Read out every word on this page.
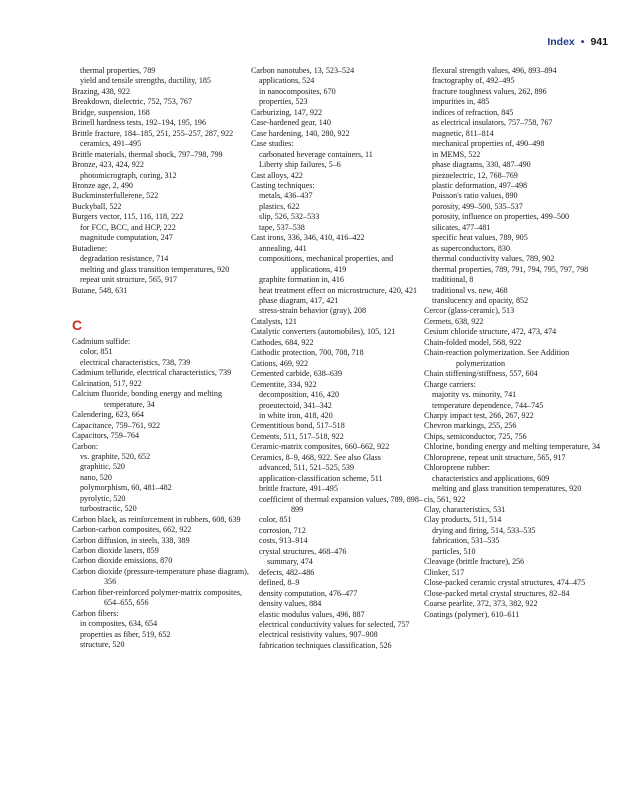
Index • 941
thermal properties, 789
yield and tensile strengths, ductility, 185
Brazing, 438, 922
Breakdown, dielectric, 752, 753, 767
Bridge, suspension, 168
Brinell hardness tests, 192–194, 195, 196
Brittle fracture, 184–185, 251, 255–257, 287, 922
ceramics, 491–495
Brittle materials, thermal shock, 797–798, 799
Bronze, 423, 424, 922
photomicrograph, coring, 312
Bronze age, 2, 490
Buckminsterfullerene, 522
Buckyball, 522
Burgers vector, 115, 116, 118, 222
for FCC, BCC, and HCP, 222
magnitude computation, 247
Butadiene:
degradation resistance, 714
melting and glass transition temperatures, 920
repeat unit structure, 565, 917
Butane, 548, 631
C
Cadmium sulfide:
color, 851
electrical characteristics, 738, 739
Cadmium telluride, electrical characteristics, 739
Calcination, 517, 922
Calcium fluoride, bonding energy and melting temperature, 34
Calendering, 623, 664
Capacitance, 759–761, 922
Capacitors, 759–764
Carbon:
vs. graphite, 520, 652
graphitic, 520
nano, 520
polymorphism, 60, 481–482
pyrolytic, 520
turbostractic, 520
Carbon black, as reinforcement in rubbers, 608, 639
Carbon-carbon composites, 662, 922
Carbon diffusion, in steels, 338, 389
Carbon dioxide lasers, 859
Carbon dioxide emissions, 870
Carbon dioxide (pressure-temperature phase diagram), 356
Carbon fiber-reinforced polymer-matrix composites, 654–655, 656
Carbon fibers:
in composites, 634, 654
properties as fiber, 519, 652
structure, 520
Carbon nanotubes, 13, 523–524
applications, 524
in nanocomposites, 670
properties, 523
Carburizing, 147, 922
Case-hardened gear, 140
Case hardening, 140, 280, 922
Case studies:
carbonated beverage containers, 11
Liberty ship failures, 5–6
Cast alloys, 422
Casting techniques:
metals, 436–437
plastics, 622
slip, 526, 532–533
tape, 537–538
Cast irons, 336, 346, 410, 416–422
annealing, 441
compositions, mechanical properties, and applications, 419
graphite formation in, 416
heat treatment effect on microstructure, 420, 421
phase diagram, 417, 421
stress-strain behavior (gray), 208
Catalysts, 121
Catalytic converters (automobiles), 105, 121
Cathodes, 684, 922
Cathodic protection, 700, 708, 718
Cations, 469, 922
Cemented carbide, 638–639
Cementite, 334, 922
decomposition, 416, 420
proeutectoid, 341–342
in white iron, 418, 420
Cementitious bond, 517–518
Cements, 511, 517–518, 922
Ceramic-matrix composites, 660–662, 922
Ceramics, 8–9, 468, 922. See also Glass
advanced, 511, 521–525, 539
application-classification scheme, 511
brittle fracture, 491–495
coefficient of thermal expansion values, 789, 898–899
color, 851
corrosion, 712
costs, 913–914
crystal structures, 468–476
summary, 474
defects, 482–486
defined, 8–9
density computation, 476–477
density values, 884
elastic modulus values, 496, 887
electrical conductivity values for selected, 757
electrical resistivity values, 907–908
fabrication techniques classification, 526
flexural strength values, 496, 893–894
fractography of, 492–495
fracture toughness values, 262, 896
impurities in, 485
indices of refraction, 845
as electrical insulators, 757–758, 767
magnetic, 811–814
mechanical properties of, 490–498
in MEMS, 522
phase diagrams, 330, 487–490
piezoelectric, 12, 768–769
plastic deformation, 497–498
Poisson's ratio values, 890
porosity, 499–500, 535–537
porosity, influence on properties, 499–500
silicates, 477–481
specific heat values, 789, 905
as superconductors, 830
thermal conductivity values, 789, 902
thermal properties, 789, 791, 794, 795, 797, 798
traditional, 8
traditional vs. new, 468
translucency and opacity, 852
Cercor (glass-ceramic), 513
Cermets, 638, 922
Cesium chloride structure, 472, 473, 474
Chain-folded model, 568, 922
Chain-reaction polymerization. See Addition polymerization
Chain stiffening/stiffness, 557, 604
Charge carriers:
majority vs. minority, 741
temperature dependence, 744–745
Charpy impact test, 266, 267, 922
Chevron markings, 255, 256
Chips, semiconductor, 725, 756
Chlorine, bonding energy and melting temperature, 34
Chloroprene, repeat unit structure, 565, 917
Chloroprene rubber:
characteristics and applications, 609
melting and glass transition temperatures, 920
cis, 561, 922
Clay, characteristics, 531
Clay products, 511, 514
drying and firing, 514, 533–535
fabrication, 531–535
particles, 510
Cleavage (brittle fracture), 256
Clinker, 517
Close-packed ceramic crystal structures, 474–475
Close-packed metal crystal structures, 82–84
Coarse pearlite, 372, 373, 382, 922
Coatings (polymer), 610–611
